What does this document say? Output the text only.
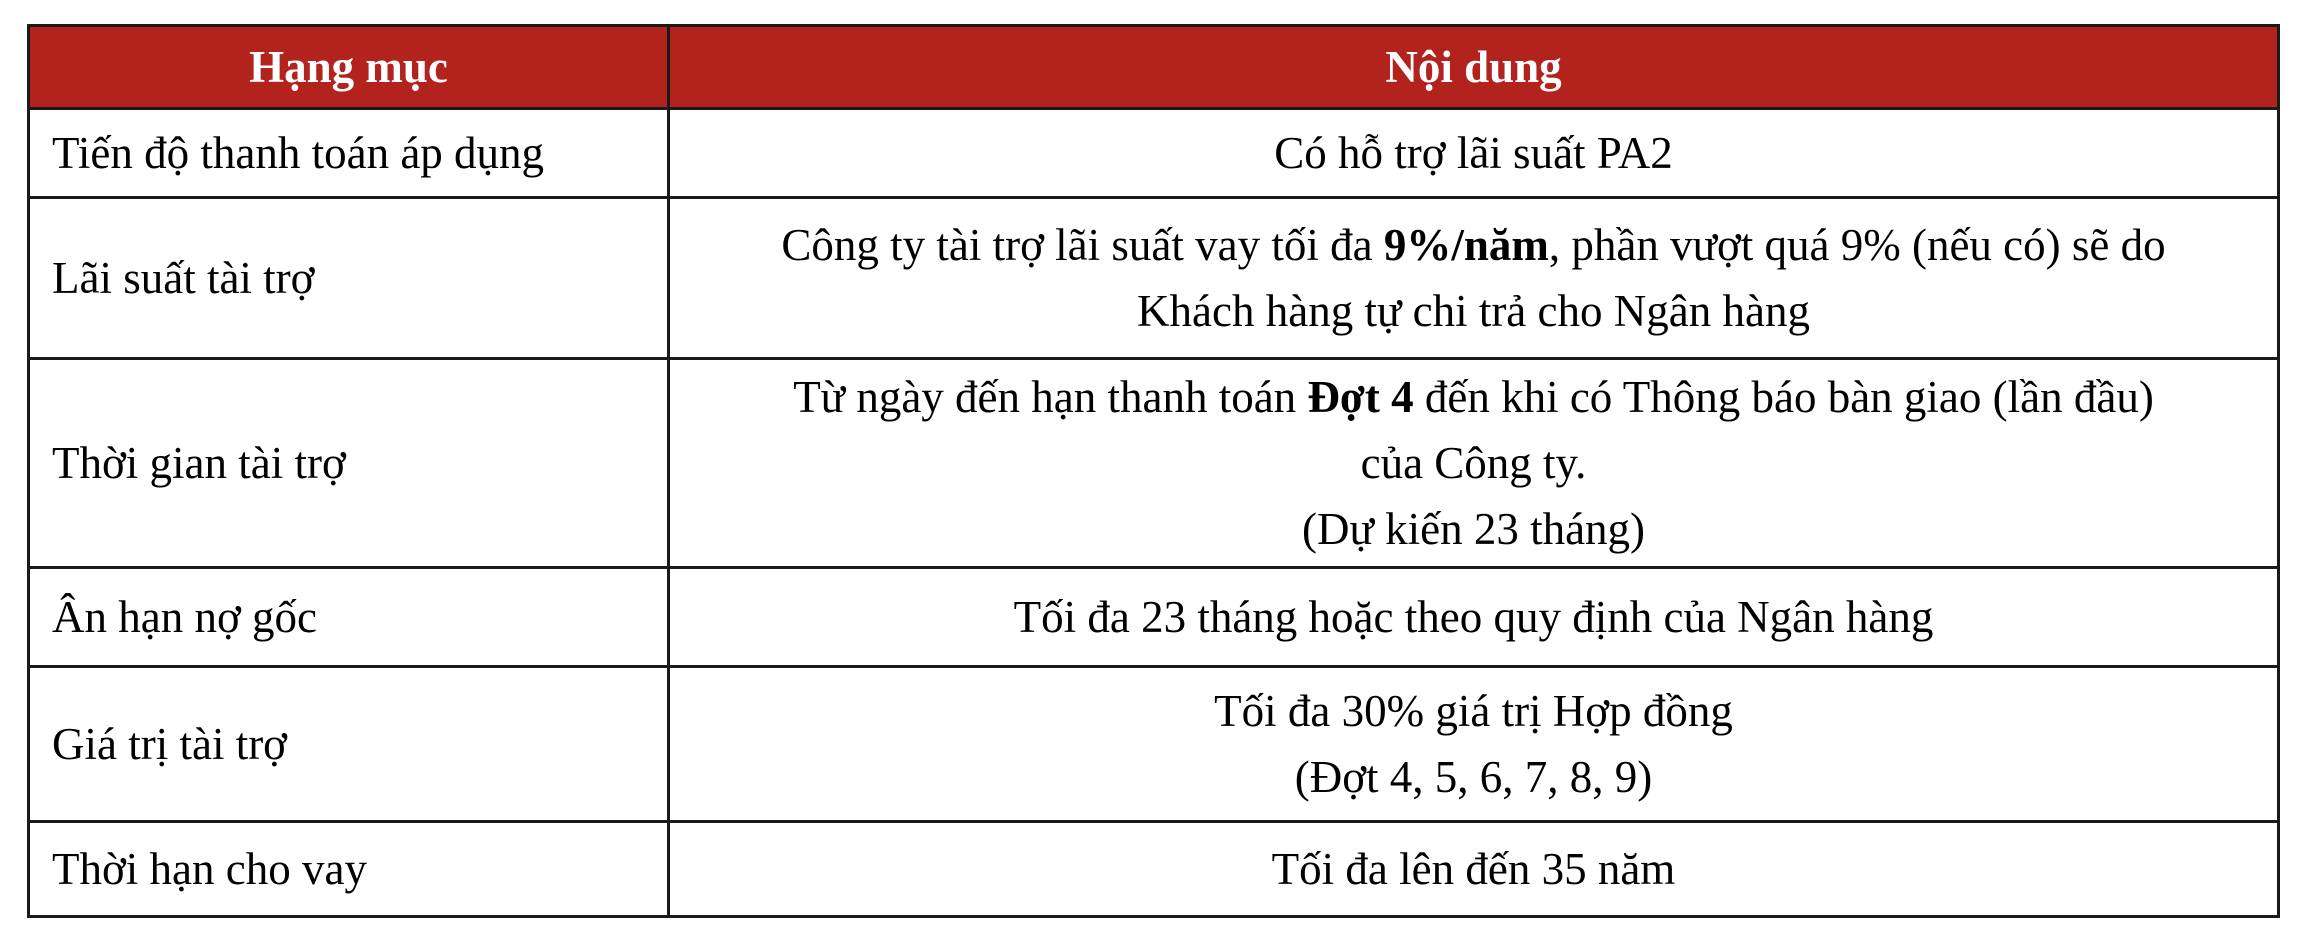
Hạng mục	Nội dung
Tiến độ thanh toán áp dụng	Có hỗ trợ lãi suất PA2

Lãi suất tài trợ	Công ty tài trợ lãi suất vay tối đa 9%/năm, phần vượt quá 9% (nếu có) sẽ do
Khách hàng tự chi trả cho Ngân hàng

Thời gian tài trợ	Từ ngày đến hạn thanh toán Đợt 4 đến khi có Thông báo bàn giao (lần đầu)
của Công ty.
(Dự kiến 23 tháng)

Ân hạn nợ gốc	Tối đa 23 tháng hoặc theo quy định của Ngân hàng

Giá trị tài trợ	Tối đa 30% giá trị Hợp đồng
(Đợt 4, 5, 6, 7, 8, 9)

Thời hạn cho vay	Tối đa lên đến 35 năm
